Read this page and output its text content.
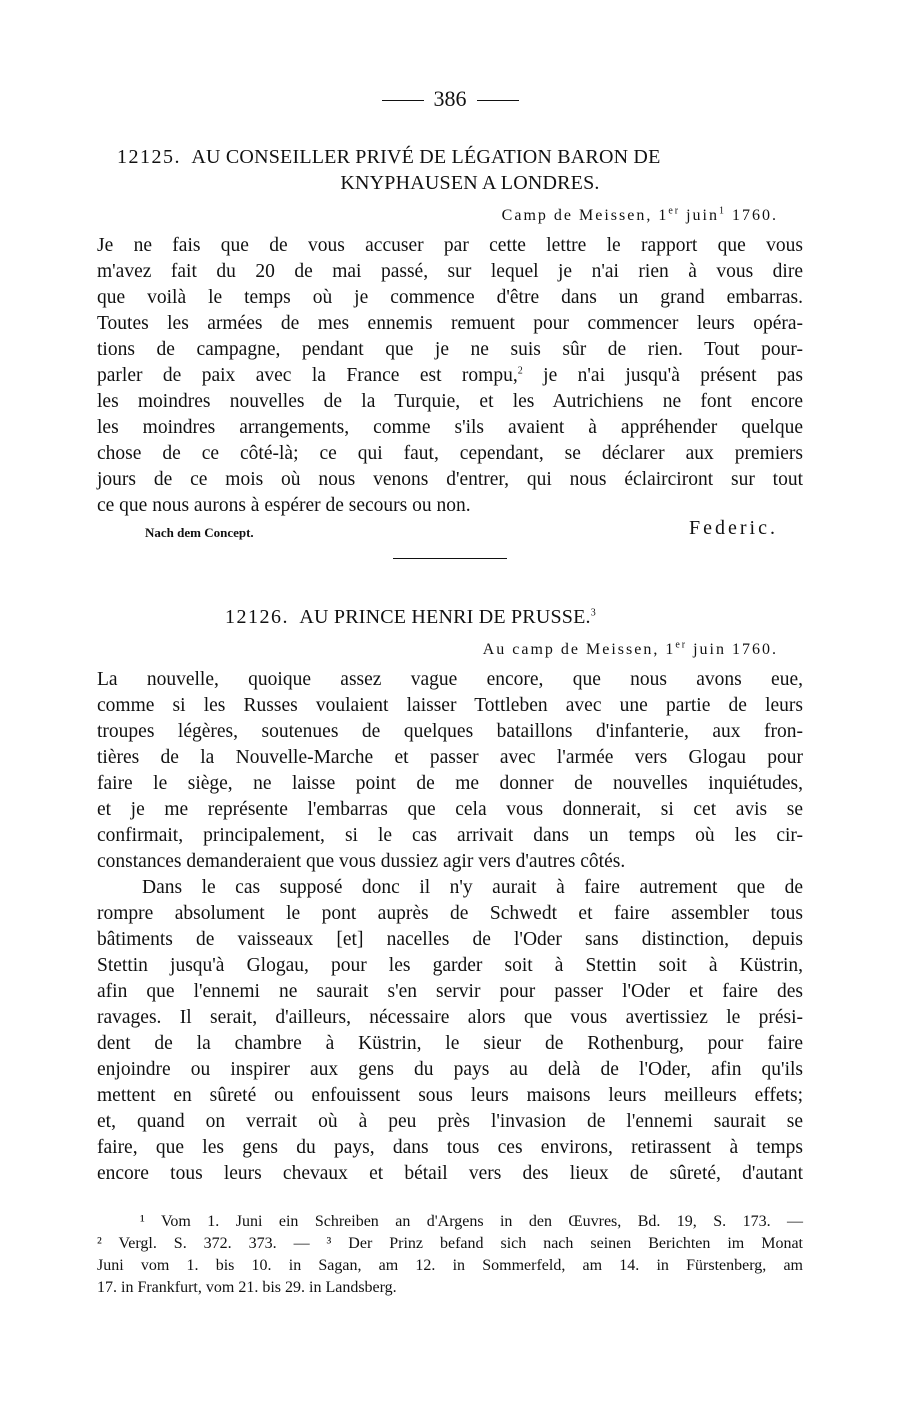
386
12125. AU CONSEILLER PRIVÉ DE LÉGATION BARON DE
KNYPHAUSEN A LONDRES.
Camp de Meissen, 1er juin$^1$ 1760.
Je ne fais que de vous accuser par cette lettre le rapport que vous
m'avez fait du 20 de mai passé, sur lequel je n'ai rien à vous dire
que voilà le temps où je commence d'être dans un grand embarras.
Toutes les armées de mes ennemis remuent pour commencer leurs opéra-
tions de campagne, pendant que je ne suis sûr de rien. Tout pour-
parler de paix avec la France est rompu,$^2$ je n'ai jusqu'à présent pas
les moindres nouvelles de la Turquie, et les Autrichiens ne font encore
les moindres arrangements, comme s'ils avaient à appréhender quelque
chose de ce côté-là; ce qui faut, cependant, se déclarer aux premiers
jours de ce mois où nous venons d'entrer, qui nous éclairciront sur tout
ce que nous aurons à espérer de secours ou non.
Nach dem Concept.	Federic.
12126. AU PRINCE HENRI DE PRUSSE.$^3$
Au camp de Meissen, 1er juin 1760.
La nouvelle, quoique assez vague encore, que nous avons eue,
comme si les Russes voulaient laisser Tottleben avec une partie de leurs
troupes légères, soutenues de quelques bataillons d'infanterie, aux fron-
tières de la Nouvelle-Marche et passer avec l'armée vers Glogau pour
faire le siège, ne laisse point de me donner de nouvelles inquiétudes,
et je me représente l'embarras que cela vous donnerait, si cet avis se
confirmait, principalement, si le cas arrivait dans un temps où les cir-
constances demanderaient que vous dussiez agir vers d'autres côtés.
Dans le cas supposé donc il n'y aurait à faire autrement que de
rompre absolument le pont auprès de Schwedt et faire assembler tous
bâtiments de vaisseaux [et] nacelles de l'Oder sans distinction, depuis
Stettin jusqu'à Glogau, pour les garder soit à Stettin soit à Küstrin,
afin que l'ennemi ne saurait s'en servir pour passer l'Oder et faire des
ravages. Il serait, d'ailleurs, nécessaire alors que vous avertissiez le prési-
dent de la chambre à Küstrin, le sieur de Rothenburg, pour faire
enjoindre ou inspirer aux gens du pays au delà de l'Oder, afin qu'ils
mettent en sûreté ou enfouissent sous leurs maisons leurs meilleurs effets;
et, quand on verrait où à peu près l'invasion de l'ennemi saurait se
faire, que les gens du pays, dans tous ces environs, retirassent à temps
encore tous leurs chevaux et bétail vers des lieux de sûreté, d'autant
¹ Vom 1. Juni ein Schreiben an d'Argens in den Œuvres, Bd. 19, S. 173. —
² Vergl. S. 372. 373. — ³ Der Prinz befand sich nach seinen Berichten im Monat
Juni vom 1. bis 10. in Sagan, am 12. in Sommerfeld, am 14. in Fürstenberg, am
17. in Frankfurt, vom 21. bis 29. in Landsberg.
